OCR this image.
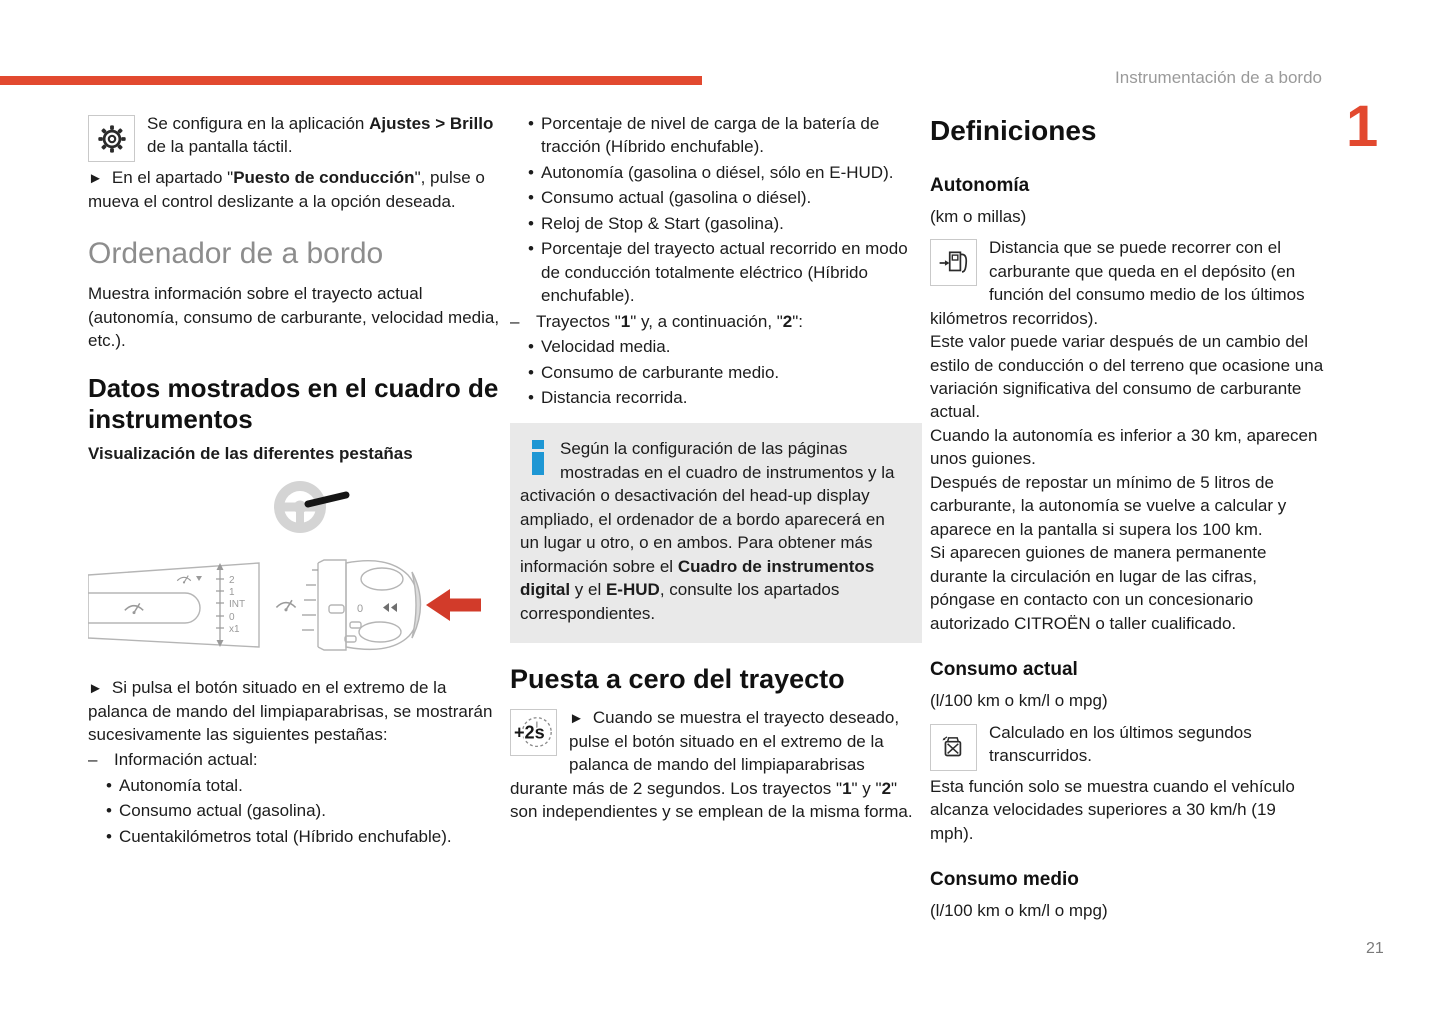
Instrumentación de a bordo
1
21
Se configura en la aplicación Ajustes > Brillo de la pantalla táctil.
► En el apartado "Puesto de conducción", pulse o mueva el control deslizante a la opción deseada.
Ordenador de a bordo
Muestra información sobre el trayecto actual (autonomía, consumo de carburante, velocidad media, etc.).
Datos mostrados en el cuadro de instrumentos
Visualización de las diferentes pestañas
2
1
INT
0
x1
0
► Si pulsa el botón situado en el extremo de la palanca de mando del limpiaparabrisas, se mostrarán sucesivamente las siguientes pestañas:
– Información actual:
• Autonomía total.
• Consumo actual (gasolina).
• Cuentakilómetros total (Híbrido enchufable).
• Porcentaje de nivel de carga de la batería de tracción (Híbrido enchufable).
• Autonomía (gasolina o diésel, sólo en E-HUD).
• Consumo actual (gasolina o diésel).
• Reloj de Stop & Start (gasolina).
• Porcentaje del trayecto actual recorrido en modo de conducción totalmente eléctrico (Híbrido enchufable).
– Trayectos "1" y, a continuación, "2":
• Velocidad media.
• Consumo de carburante medio.
• Distancia recorrida.
Según la configuración de las páginas mostradas en el cuadro de instrumentos y la activación o desactivación del head-up display ampliado, el ordenador de a bordo aparecerá en un lugar u otro, o en ambos. Para obtener más información sobre el Cuadro de instrumentos digital y el E-HUD, consulte los apartados correspondientes.
Puesta a cero del trayecto
+2s
► Cuando se muestra el trayecto deseado, pulse el botón situado en el extremo de la palanca de mando del limpiaparabrisas durante más de 2 segundos. Los trayectos "1" y "2" son independientes y se emplean de la misma forma.
Definiciones
Autonomía
(km o millas)
Distancia que se puede recorrer con el carburante que queda en el depósito (en función del consumo medio de los últimos kilómetros recorridos).
Este valor puede variar después de un cambio del estilo de conducción o del terreno que ocasione una variación significativa del consumo de carburante actual.
Cuando la autonomía es inferior a 30 km, aparecen unos guiones.
Después de repostar un mínimo de 5 litros de carburante, la autonomía se vuelve a calcular y aparece en la pantalla si supera los 100 km.
Si aparecen guiones de manera permanente durante la circulación en lugar de las cifras, póngase en contacto con un concesionario autorizado CITROËN o taller cualificado.
Consumo actual
(l/100 km o km/l o mpg)
Calculado en los últimos segundos transcurridos.
Esta función solo se muestra cuando el vehículo alcanza velocidades superiores a 30 km/h (19 mph).
Consumo medio
(l/100 km o km/l o mpg)
